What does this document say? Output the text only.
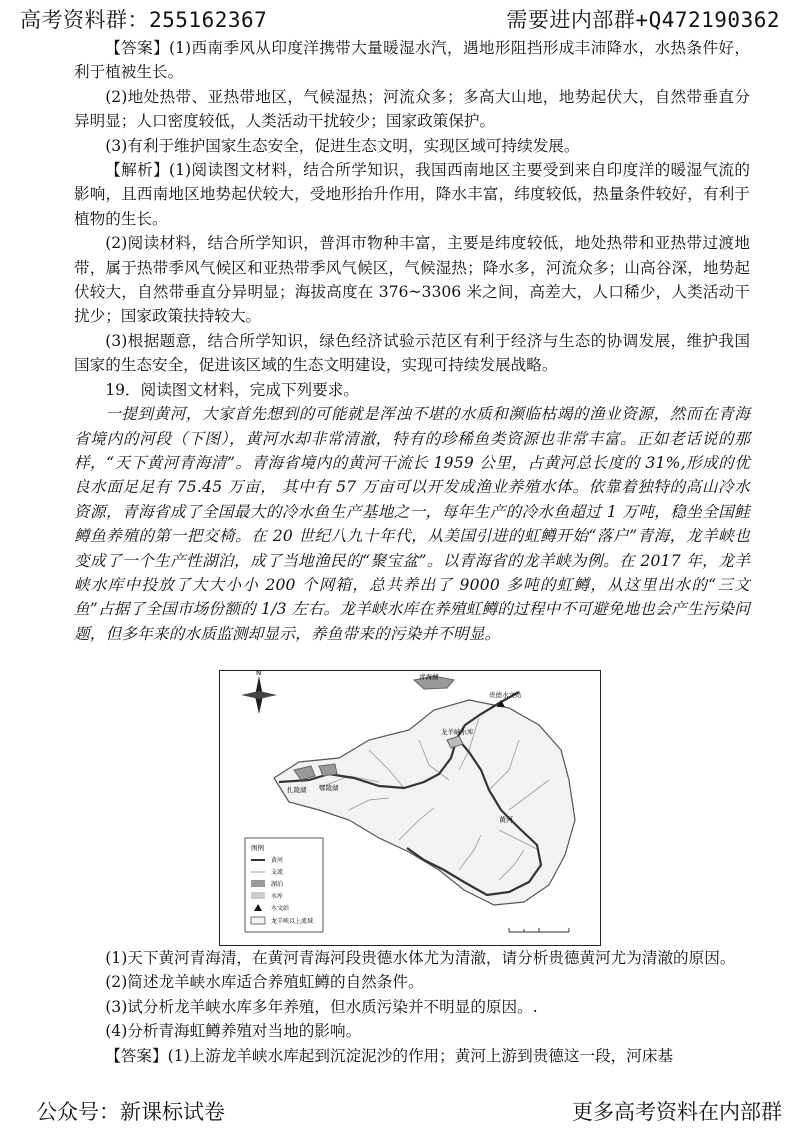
高考资料群：255162367	需要进内部群+Q472190362

【答案】(1)西南季风从印度洋携带大量暖湿水汽，遇地形阻挡形成丰沛降水，水热条件好，利于植被生长。

(2)地处热带、亚热带地区，气候湿热；河流众多；多高大山地，地势起伏大，自然带垂直分异明显；人口密度较低，人类活动干扰较少；国家政策保护。

(3)有利于维护国家生态安全，促进生态文明，实现区域可持续发展。

【解析】(1)阅读图文材料，结合所学知识，我国西南地区主要受到来自印度洋的暖湿气流的影响，且西南地区地势起伏较大，受地形抬升作用，降水丰富，纬度较低，热量条件较好，有利于植物的生长。

(2)阅读材料，结合所学知识，普洱市物种丰富，主要是纬度较低，地处热带和亚热带过渡地带，属于热带季风气候区和亚热带季风气候区，气候湿热；降水多，河流众多；山高谷深，地势起伏较大，自然带垂直分异明显；海拔高度在 376~3306 米之间，高差大，人口稀少，人类活动干扰少；国家政策扶持较大。

(3)根据题意，结合所学知识，绿色经济试验示范区有利于经济与生态的协调发展，维护我国国家的生态安全，促进该区域的生态文明建设，实现可持续发展战略。

19．阅读图文材料，完成下列要求。

一提到黄河，大家首先想到的可能就是浑浊不堪的水质和濒临枯竭的渔业资源，然而在青海省境内的河段（下图），黄河水却非常清澈，特有的珍稀鱼类资源也非常丰富。正如老话说的那样，“天下黄河青海清”。青海省境内的黄河干流长 1959 公里，占黄河总长度的 31%,形成的优良水面足足有 75.45 万亩， 其中有 57 万亩可以开发成渔业养殖水体。依靠着独特的高山冷水资源，青海省成了全国最大的冷水鱼生产基地之一，每年生产的冷水鱼超过 1 万吨，稳坐全国鲑鳟鱼养殖的第一把交椅。在 20 世纪八九十年代，从美国引进的虹鳟开始“落户”青海，龙羊峡也变成了一个生产性湖泊，成了当地渔民的“聚宝盆”。以青海省的龙羊峡为例。在 2017 年，龙羊峡水库中投放了大大小小 200 个网箱，总共养出了 9000 多吨的虹鳟，从这里出水的“三文鱼”占据了全国市场份额的 1/3 左右。龙羊峡水库在养殖虹鳟的过程中不可避免地也会产生污染问题，但多年来的水质监测却显示，养鱼带来的污染并不明显。

N	青海湖
贵德水文站
龙羊峡水库
扎陵湖 鄂陵湖
黄河
图例
黄河
支流
湖泊
水库
水文站
龙羊峡以上流域

(1)天下黄河青海清，在黄河青海河段贵德水体尤为清澈，请分析贵德黄河尤为清澈的原因。

(2)简述龙羊峡水库适合养殖虹鳟的自然条件。

(3)试分析龙羊峡水库多年养殖，但水质污染并不明显的原因。.

(4)分析青海虹鳟养殖对当地的影响。

【答案】(1)上游龙羊峡水库起到沉淀泥沙的作用；黄河上游到贵德这一段，河床基

公众号：新课标试卷	更多高考资料在内部群
